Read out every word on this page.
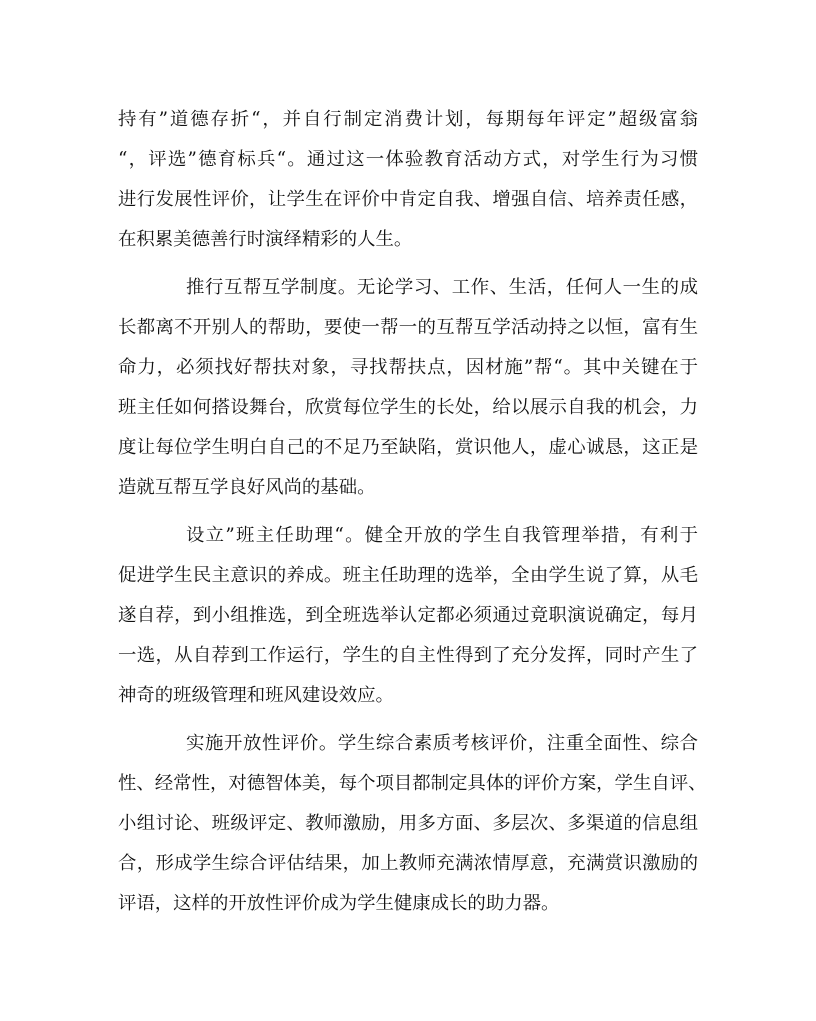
持有”道德存折“，并自行制定消费计划，每期每年评定”超级富翁
“，评选”德育标兵“。通过这一体验教育活动方式，对学生行为习惯
进行发展性评价，让学生在评价中肯定自我、增强自信、培养责任感，
在积累美德善行时演绎精彩的人生。
推行互帮互学制度。无论学习、工作、生活，任何人一生的成
长都离不开别人的帮助，要使一帮一的互帮互学活动持之以恒，富有生
命力，必须找好帮扶对象，寻找帮扶点，因材施”帮“。其中关键在于
班主任如何搭设舞台，欣赏每位学生的长处，给以展示自我的机会，力
度让每位学生明白自己的不足乃至缺陷，赏识他人，虚心诚恳，这正是
造就互帮互学良好风尚的基础。
设立”班主任助理“。健全开放的学生自我管理举措，有利于
促进学生民主意识的养成。班主任助理的选举，全由学生说了算，从毛
遂自荐，到小组推选，到全班选举认定都必须通过竟职演说确定，每月
一选，从自荐到工作运行，学生的自主性得到了充分发挥，同时产生了
神奇的班级管理和班风建设效应。
实施开放性评价。学生综合素质考核评价，注重全面性、综合
性、经常性，对德智体美，每个项目都制定具体的评价方案，学生自评、
小组讨论、班级评定、教师激励，用多方面、多层次、多渠道的信息组
合，形成学生综合评估结果，加上教师充满浓情厚意，充满赏识激励的
评语，这样的开放性评价成为学生健康成长的助力器。
